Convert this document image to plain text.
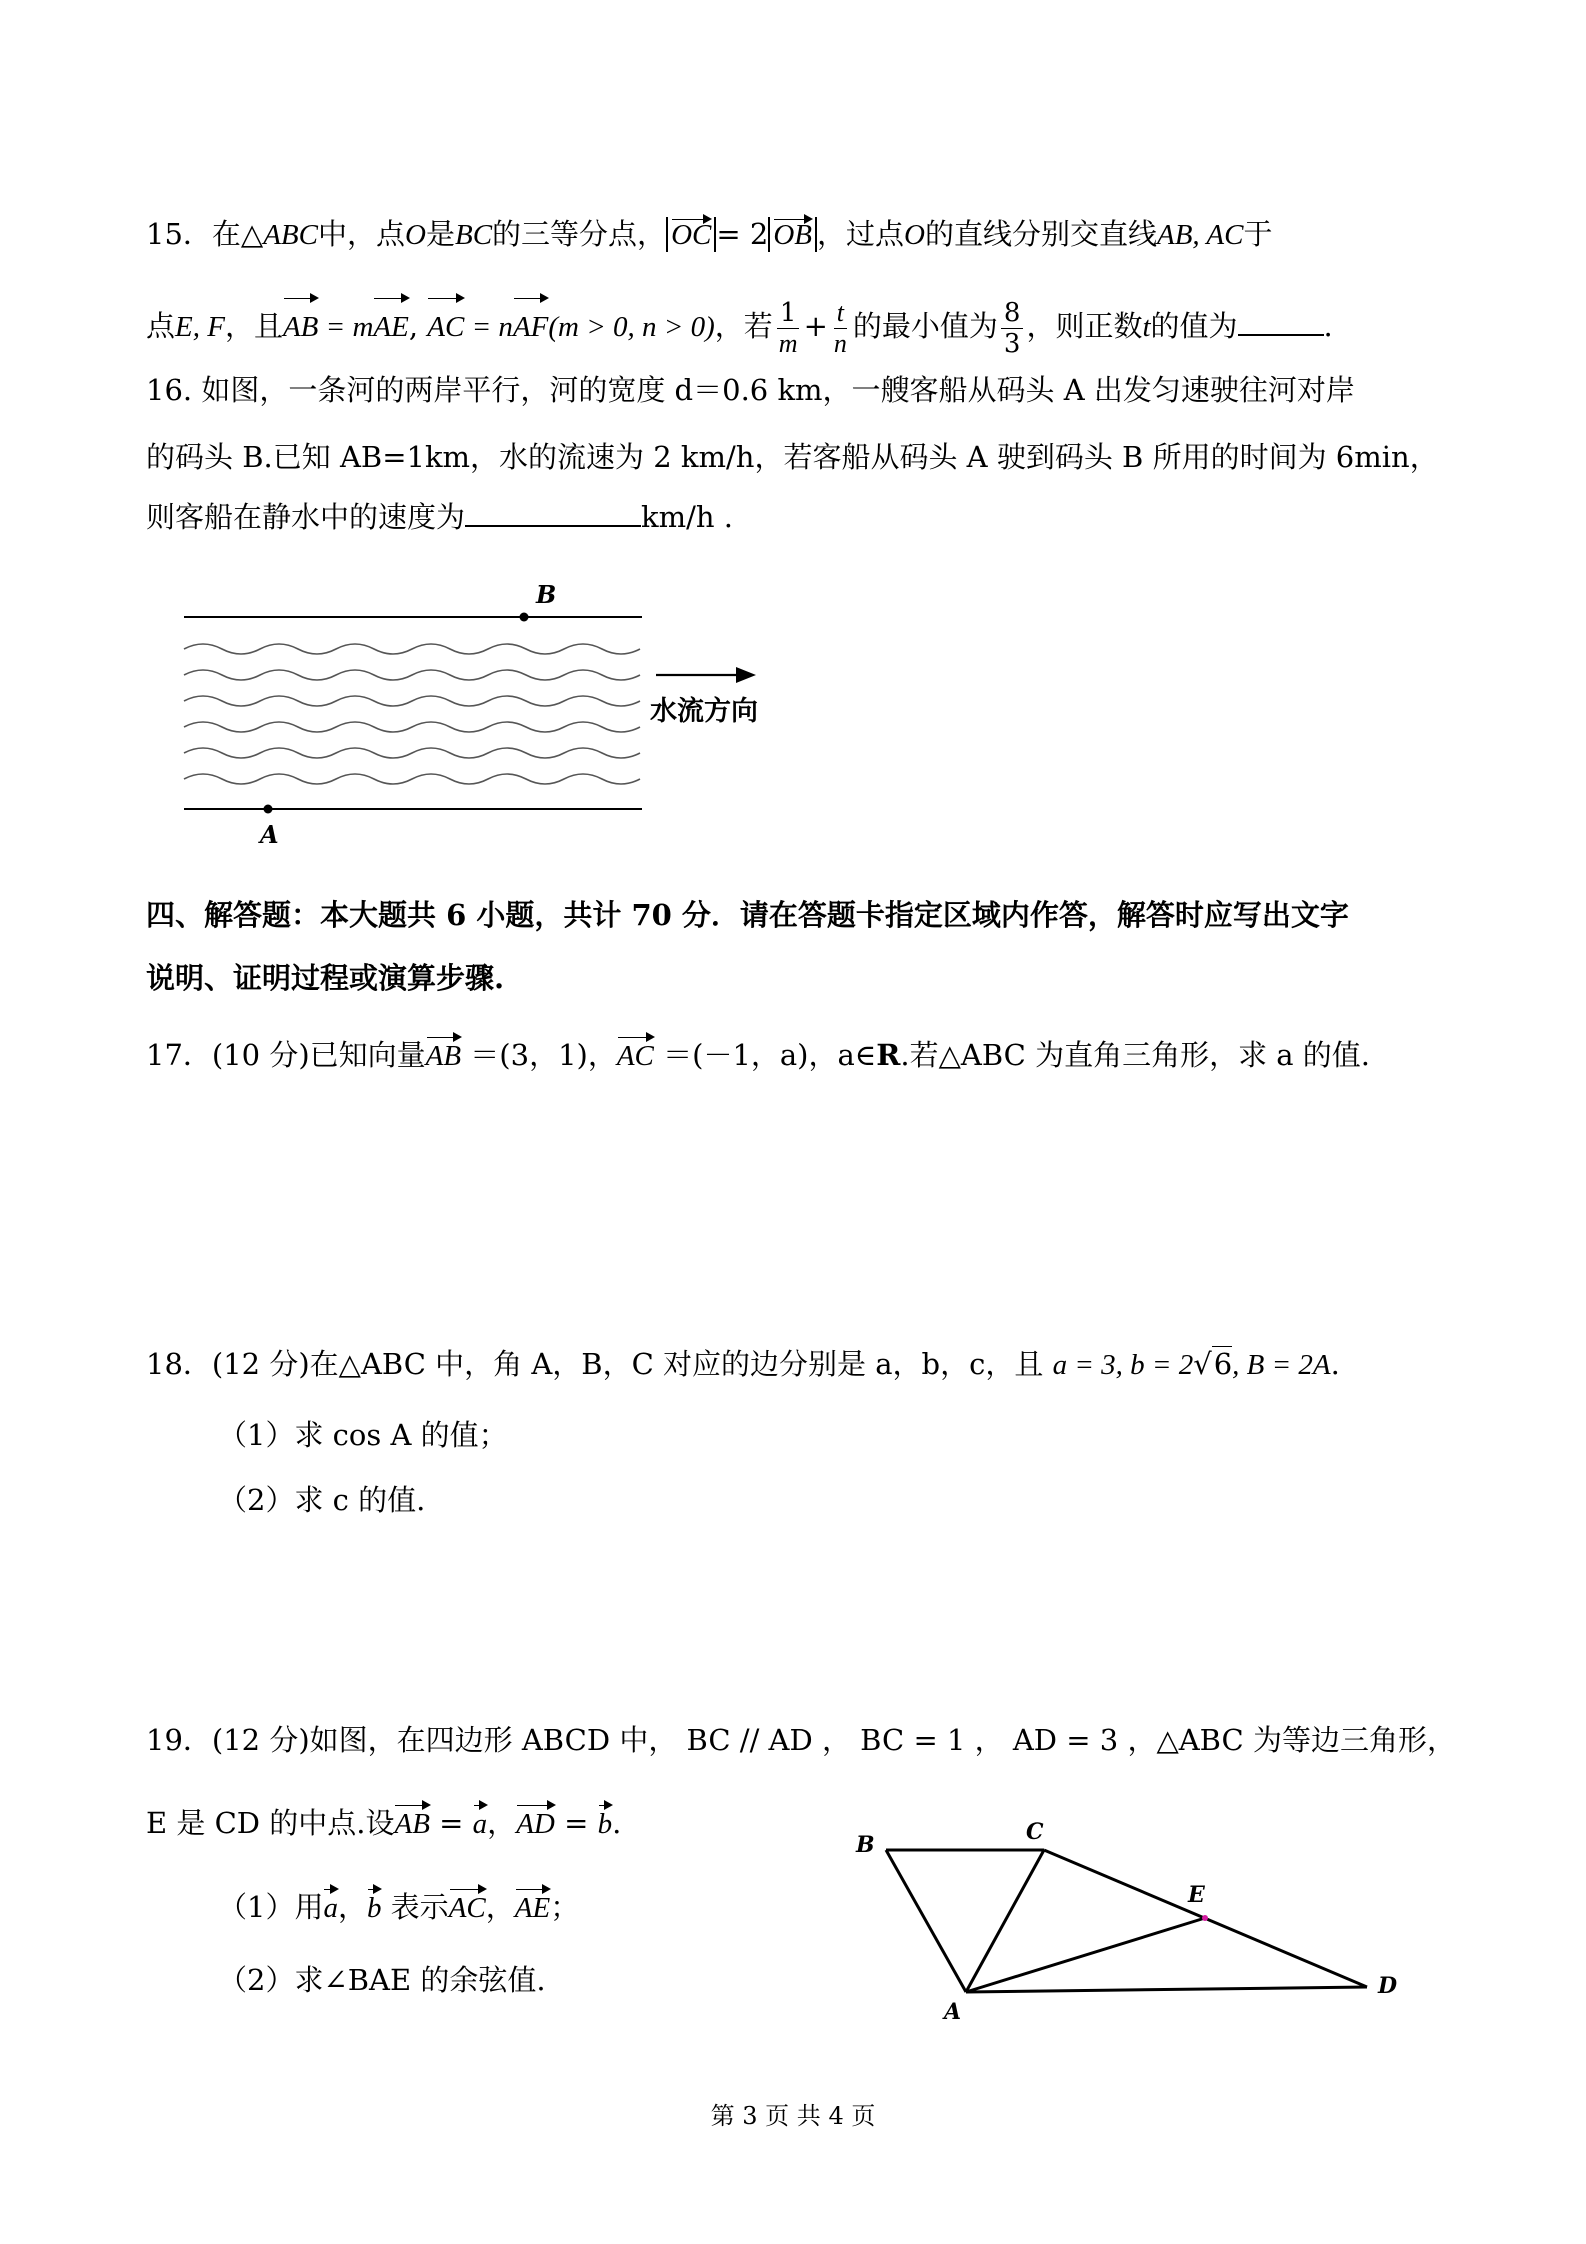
15．在△ABC中，点O是BC的三等分点， OC = 2 OB ，过点O的直线分别交直线AB, AC于
点E, F，且AB = mAE, AC = nAF(m > 0, n > 0)，若 $\frac{1}{m} + \frac{t}{n}$ 的最小值为 $\frac{8}{3}$ ，则正数t的值为	.
16. 如图，一条河的两岸平行，河的宽度 d＝0.6 km，一艘客船从码头 A 出发匀速驶往河对岸
的码头 B.已知 AB=1km，水的流速为 2 km/h，若客船从码头 A 驶到码头 B 所用的时间为 6min，
则客船在静水中的速度为	km/h .
B
A
水流方向
四、解答题：本大题共 6 小题，共计 70 分．请在答题卡指定区域内作答，解答时应写出文字
说明、证明过程或演算步骤.
17．(10 分)已知向量AB ＝(3，1)，AC ＝(－1，a)，a∈R.若△ABC 为直角三角形，求 a 的值.
18．(12 分)在△ABC 中，角 A，B，C 对应的边分别是 a，b，c，且 a = 3, b = 2√6, B = 2A.
（1）求 cos A 的值；
（2）求 c 的值.
19．(12 分)如图，在四边形 ABCD 中， BC // AD ， BC = 1 ， AD = 3 ，△ABC 为等边三角形，
E 是 CD 的中点.设AB = a，AD = b.
（1）用a，b 表示AC，AE；
（2）求∠BAE 的余弦值.
B	C
E
A
D
第 3 页 共 4 页
